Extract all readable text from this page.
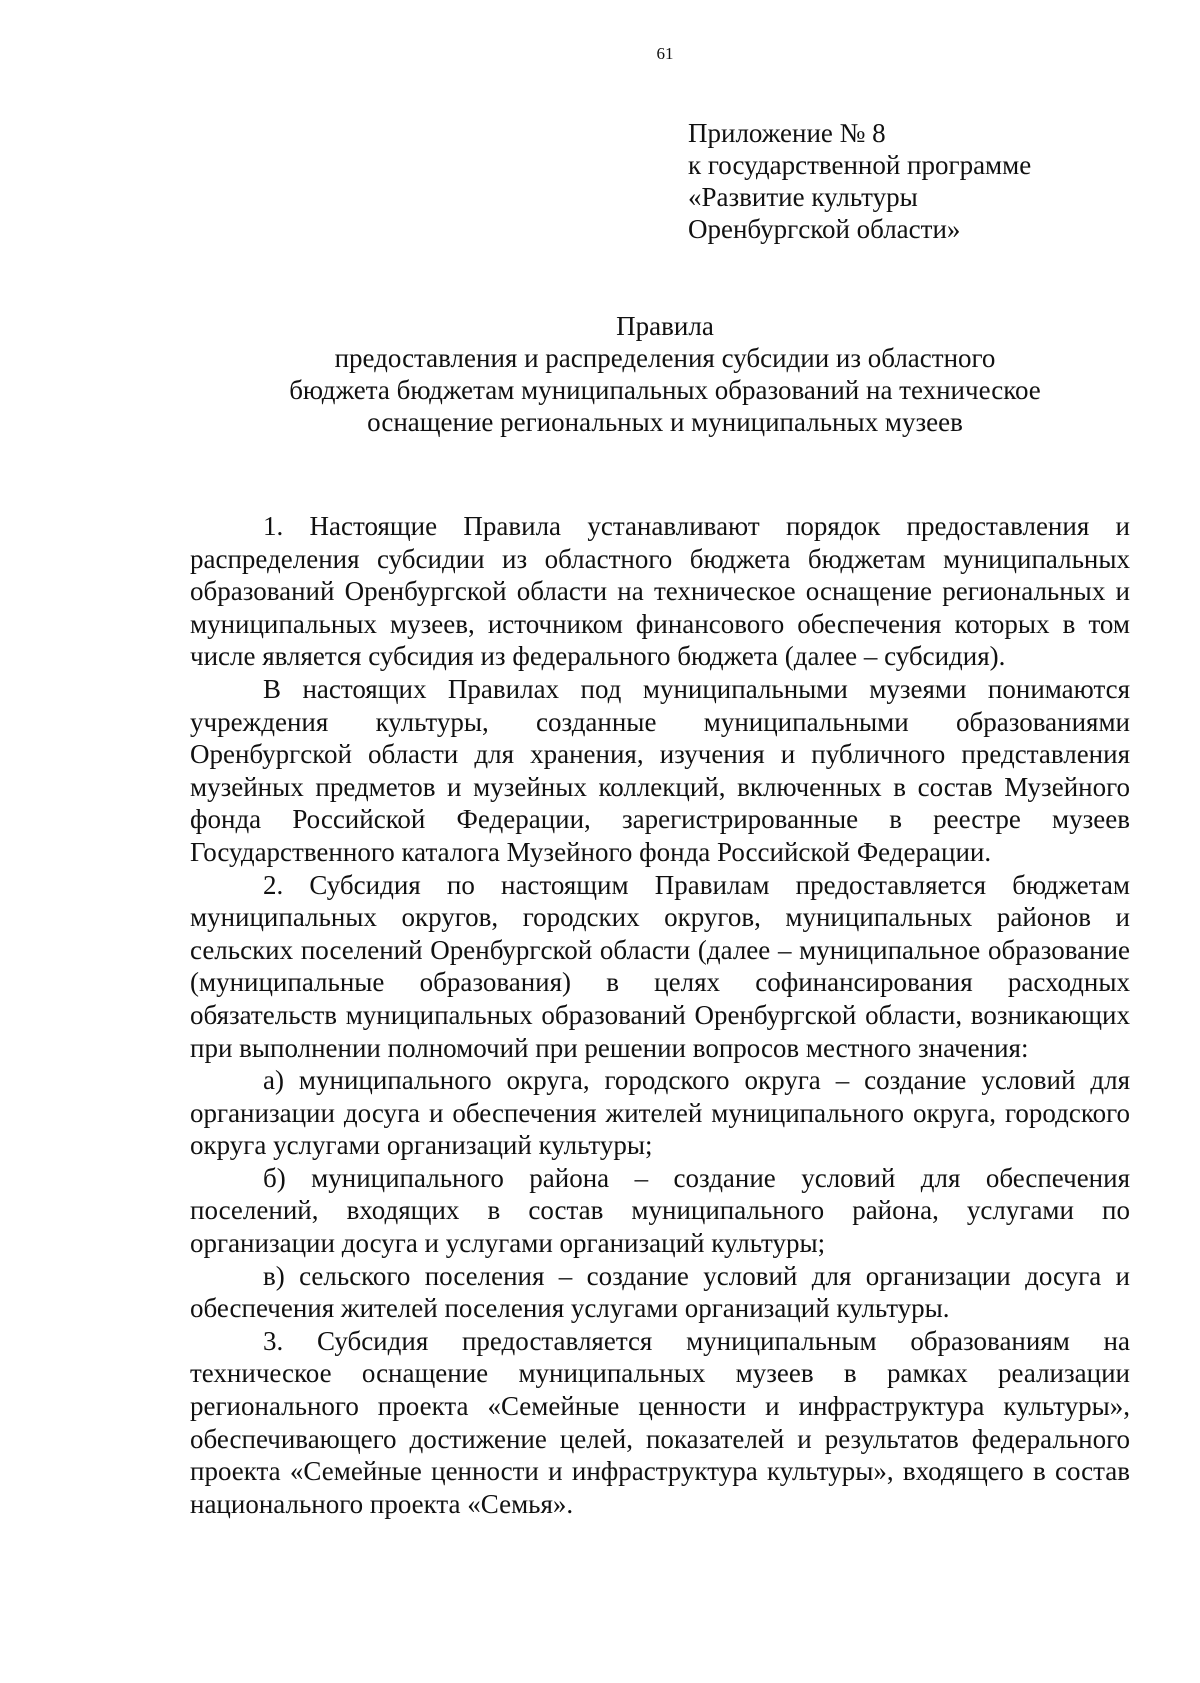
61
Приложение № 8
к государственной программе
«Развитие культуры
Оренбургской области»
Правила
предоставления и распределения субсидии из областного
бюджета бюджетам муниципальных образований на техническое
оснащение региональных и муниципальных музеев

1. Настоящие Правила устанавливают порядок предоставления и распределения субсидии из областного бюджета бюджетам муниципальных образований Оренбургской области на техническое оснащение региональных и муниципальных музеев, источником финансового обеспечения которых в том числе является субсидия из федерального бюджета (далее – субсидия).

В настоящих Правилах под муниципальными музеями понимаются учреждения культуры, созданные муниципальными образованиями Оренбургской области для хранения, изучения и публичного представления музейных предметов и музейных коллекций, включенных в состав Музейного фонда Российской Федерации, зарегистрированные в реестре музеев Государственного каталога Музейного фонда Российской Федерации.

2. Субсидия по настоящим Правилам предоставляется бюджетам муниципальных округов, городских округов, муниципальных районов и сельских поселений Оренбургской области (далее – муниципальное образование (муниципальные образования) в целях софинансирования расходных обязательств муниципальных образований Оренбургской области, возникающих при выполнении полномочий при решении вопросов местного значения:

а) муниципального округа, городского округа – создание условий для организации досуга и обеспечения жителей муниципального округа, городского округа услугами организаций культуры;

б) муниципального района – создание условий для обеспечения поселений, входящих в состав муниципального района, услугами по организации досуга и услугами организаций культуры;

в) сельского поселения – создание условий для организации досуга и обеспечения жителей поселения услугами организаций культуры.

3. Субсидия предоставляется муниципальным образованиям на техническое оснащение муниципальных музеев в рамках реализации регионального проекта «Семейные ценности и инфраструктура культуры», обеспечивающего достижение целей, показателей и результатов федерального проекта «Семейные ценности и инфраструктура культуры», входящего в состав национального проекта «Семья».
